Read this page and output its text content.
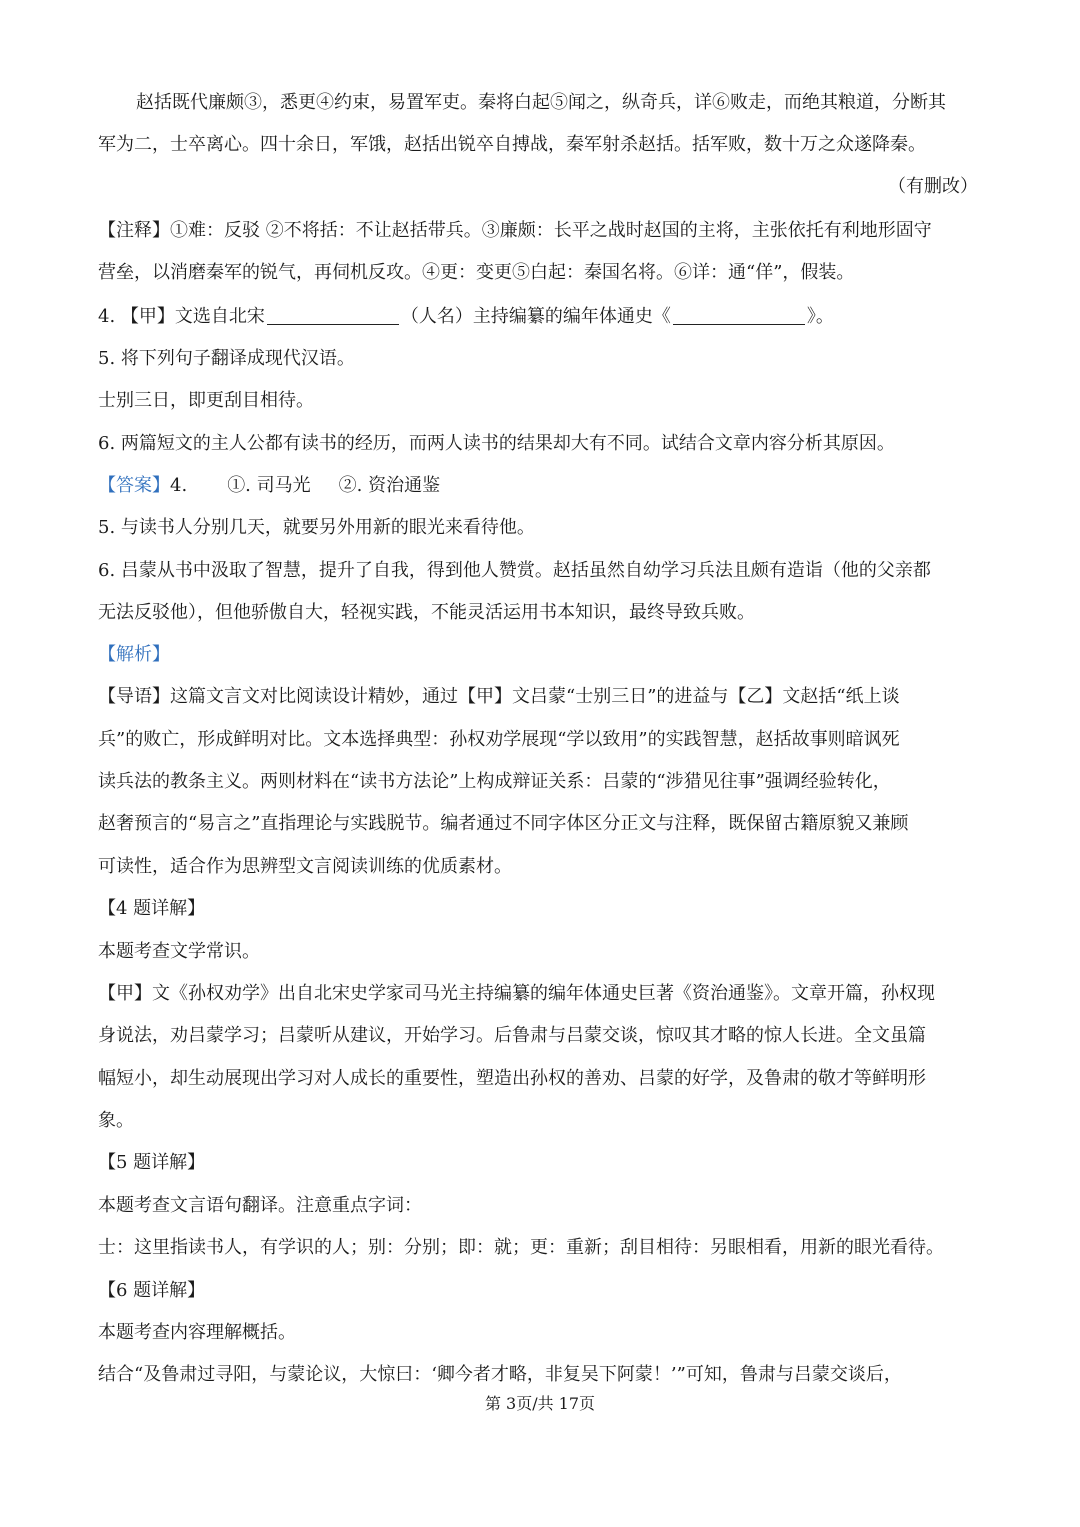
赵括既代廉颇③，悉更④约束，易置军吏。秦将白起⑤闻之，纵奇兵，详⑥败走，而绝其粮道，分断其
军为二，士卒离心。四十余日，军饿，赵括出锐卒自搏战，秦军射杀赵括。括军败，数十万之众遂降秦。
（有删改）
【注释】①难：反驳 ②不将括：不让赵括带兵。③廉颇：长平之战时赵国的主将，主张依托有利地形固守
营垒，以消磨秦军的锐气，再伺机反攻。④更：变更⑤白起：秦国名将。⑥详：通“佯”，假装。
4. 【甲】文选自北宋	（人名）主持编纂的编年体通史《	》。
5. 将下列句子翻译成现代汉语。
士别三日，即更刮目相待。
6. 两篇短文的主人公都有读书的经历，而两人读书的结果却大有不同。试结合文章内容分析其原因。
【答案】4. ①. 司马光 ②. 资治通鉴
5. 与读书人分别几天，就要另外用新的眼光来看待他。
6. 吕蒙从书中汲取了智慧，提升了自我，得到他人赞赏。赵括虽然自幼学习兵法且颇有造诣（他的父亲都
无法反驳他），但他骄傲自大，轻视实践，不能灵活运用书本知识，最终导致兵败。
【解析】
【导语】这篇文言文对比阅读设计精妙，通过【甲】文吕蒙“士别三日”的进益与【乙】文赵括“纸上谈
兵”的败亡，形成鲜明对比。文本选择典型：孙权劝学展现“学以致用”的实践智慧，赵括故事则暗讽死
读兵法的教条主义。两则材料在“读书方法论”上构成辩证关系：吕蒙的“涉猎见往事”强调经验转化，
赵奢预言的“易言之”直指理论与实践脱节。编者通过不同字体区分正文与注释，既保留古籍原貌又兼顾
可读性，适合作为思辨型文言阅读训练的优质素材。
【4 题详解】
本题考查文学常识。
【甲】文《孙权劝学》出自北宋史学家司马光主持编纂的编年体通史巨著《资治通鉴》。文章开篇，孙权现
身说法，劝吕蒙学习；吕蒙听从建议，开始学习。后鲁肃与吕蒙交谈，惊叹其才略的惊人长进。全文虽篇
幅短小，却生动展现出学习对人成长的重要性，塑造出孙权的善劝、吕蒙的好学，及鲁肃的敬才等鲜明形
象。
【5 题详解】
本题考查文言语句翻译。注意重点字词：
士：这里指读书人，有学识的人；别：分别；即：就；更：重新；刮目相待：另眼相看，用新的眼光看待。
【6 题详解】
本题考查内容理解概括。
结合“及鲁肃过寻阳，与蒙论议，大惊曰：‘卿今者才略，非复吴下阿蒙！’”可知，鲁肃与吕蒙交谈后，
第 3页/共 17页
